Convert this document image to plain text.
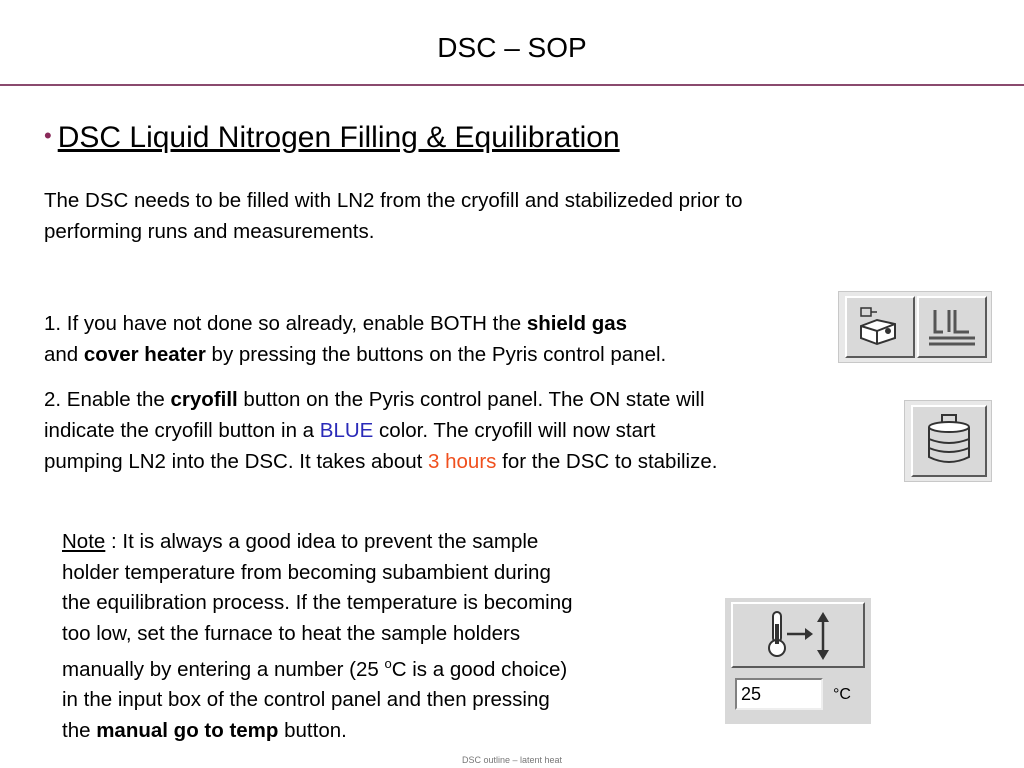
DSC – SOP
• DSC Liquid Nitrogen Filling & Equilibration
The DSC needs to be filled with LN2 from the cryofill and stabilizeded prior to
performing runs and measurements.
1. If you have not done so already, enable BOTH the shield gas
and cover heater by pressing the buttons on the Pyris control panel.
2. Enable the cryofill button on the Pyris control panel. The ON state will
indicate the cryofill button in a BLUE color. The cryofill will now start
pumping LN2 into the DSC. It takes about 3 hours for the DSC to stabilize.
Note : It is always a good idea to prevent the sample
holder temperature from becoming subambient during
the equilibration process. If the temperature is becoming
too low, set the furnace to heat the sample holders
manually by entering a number (25 $^o$C is a good choice)
in the input box of the control panel and then pressing
the manual go to temp button.
25
°C
DSC outline – latent heat
